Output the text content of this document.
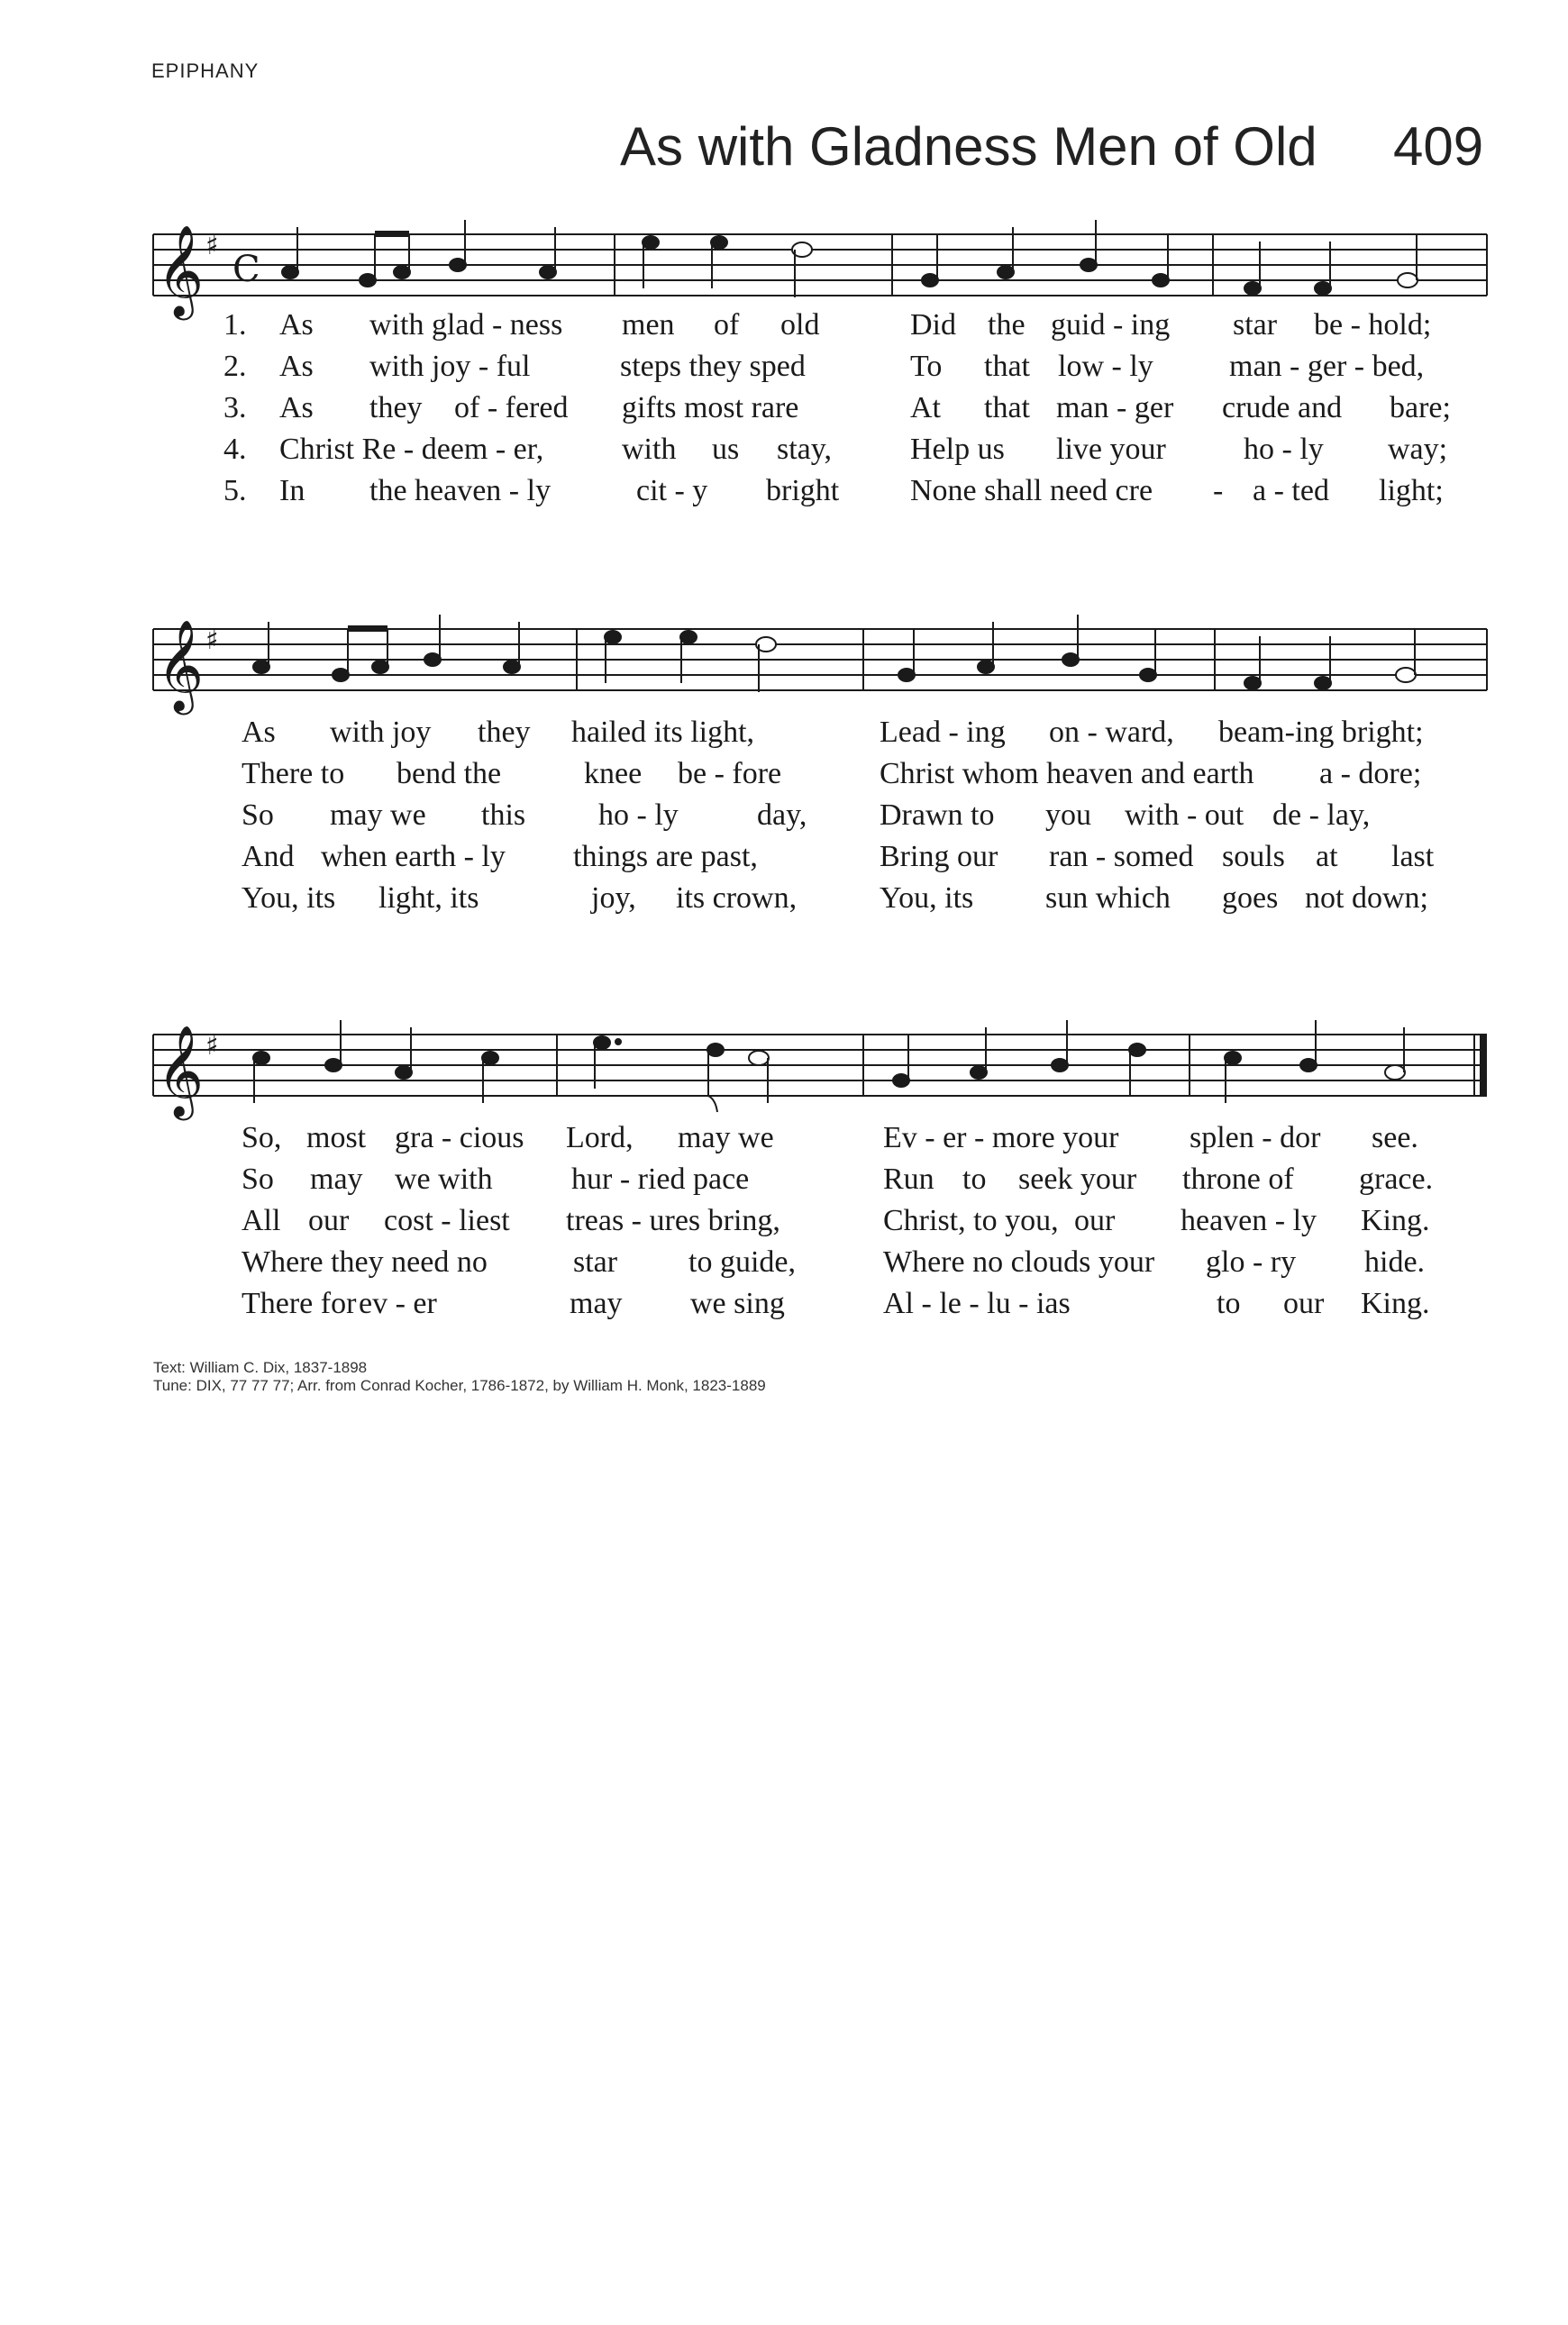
EPIPHANY
As with Gladness Men of Old 409
𝄞 ♯
C
1. As with glad - ness men of old	Did the guid - ing star be - hold;
2. As with joy - ful	steps they sped	To that low - ly man - ger - bed,
3. As they of - fered gifts most rare	At that man - ger crude and bare;
4. Christ Re - deem - er,	with us stay,	Help us live your	ho - ly way;
5. In the heaven - ly	cit - y bright None shall need cre - a - ted light;
𝄞 ♯
As with joy they hailed its light,	Lead - ing on - ward, beam-ing bright;
There to bend the	knee be - fore	Christ whom heaven and earth a - dore;
So may we this ho - ly	day, Drawn to you with - out de - lay,
And when earth - ly things are past,	Bring our ran - somed souls at last
You, its light, its	joy, its crown,	You, its sun which goes not down;
𝄞 ♯
So, most gra - cious Lord, may we	Ev - er - more your splen - dor see.
So may we with	hur - ried pace	Run to seek your throne of grace.
All our cost - liest treas - ures bring,	Christ, to you, our heaven - ly King.
Where they need no	star to guide,	Where no clouds your glo - ry hide.
There for ev - er	may we sing	Al - le - lu - ias	to our King.
Text: William C. Dix, 1837-1898
Tune: DIX, 77 77 77; Arr. from Conrad Kocher, 1786-1872, by William H. Monk, 1823-1889
